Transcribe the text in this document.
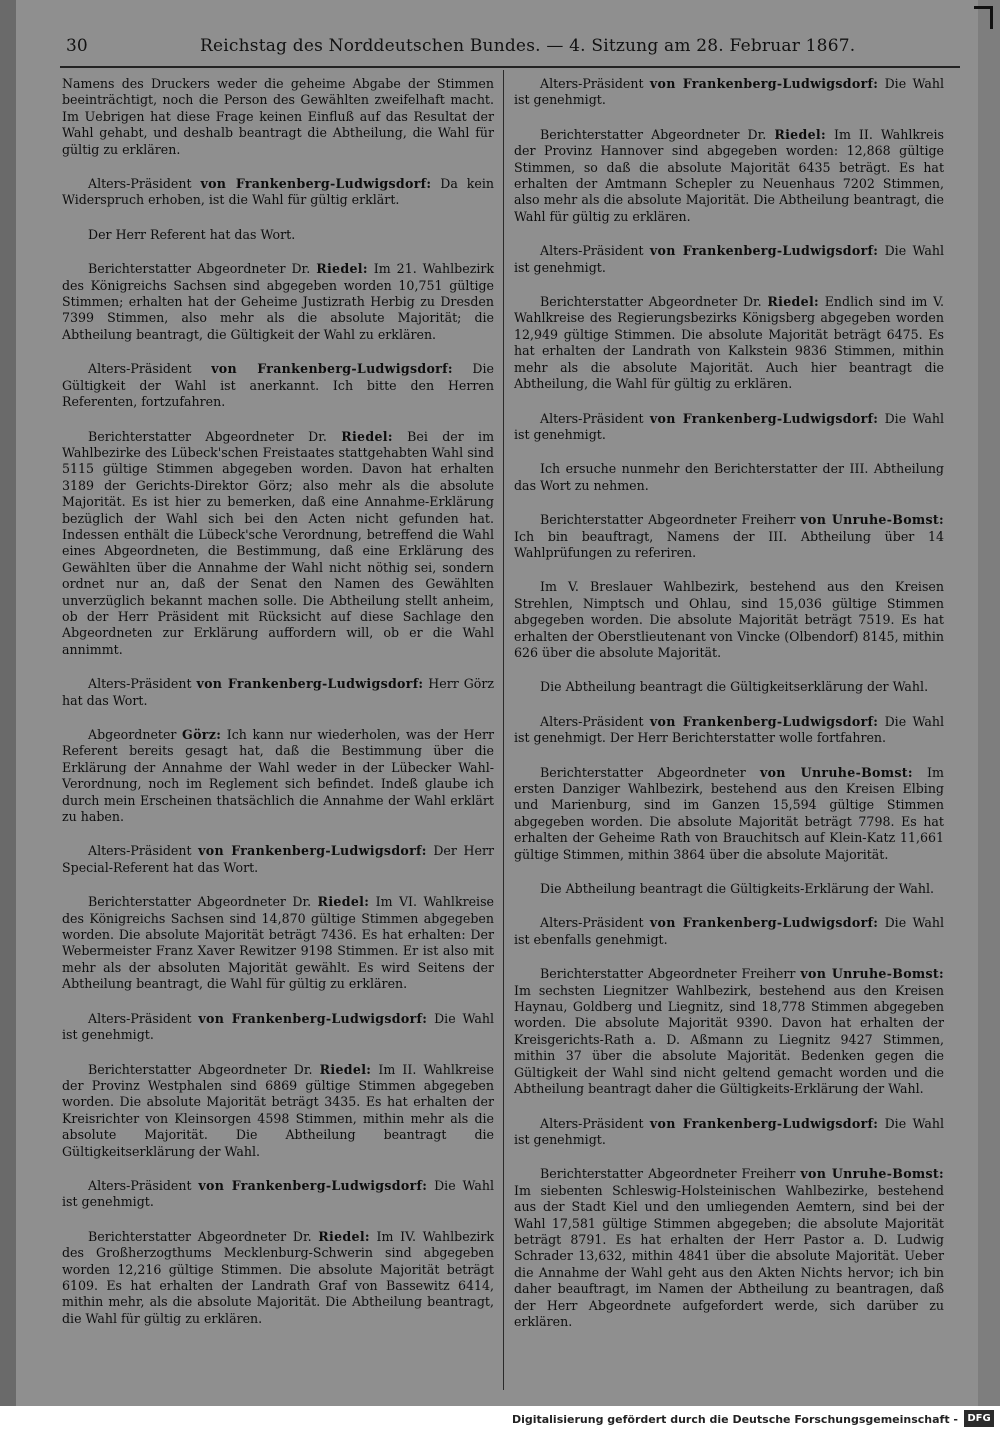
30	Reichstag des Norddeutschen Bundes. — 4. Sitzung am 28. Februar 1867.

Namens des Druckers weder die geheime Abgabe der Stimmen beeinträchtigt, noch die Person des Gewählten zweifelhaft macht. Im Uebrigen hat diese Frage keinen Einfluß auf das Resultat der Wahl gehabt, und deshalb beantragt die Abtheilung, die Wahl für gültig zu erklären.

Alters-Präsident von Frankenberg-Ludwigsdorf: Da kein Widerspruch erhoben, ist die Wahl für gültig erklärt.

Der Herr Referent hat das Wort.

Berichterstatter Abgeordneter Dr. Riedel: Im 21. Wahlbezirk des Königreichs Sachsen sind abgegeben worden 10,751 gültige Stimmen; erhalten hat der Geheime Justizrath Herbig zu Dresden 7399 Stimmen, also mehr als die absolute Majorität; die Abtheilung beantragt, die Gültigkeit der Wahl zu erklären.

Alters-Präsident von Frankenberg-Ludwigsdorf: Die Gültigkeit der Wahl ist anerkannt. Ich bitte den Herren Referenten, fortzufahren.

Berichterstatter Abgeordneter Dr. Riedel: Bei der im Wahlbezirke des Lübeck'schen Freistaates stattgehabten Wahl sind 5115 gültige Stimmen abgegeben worden. Davon hat erhalten 3189 der Gerichts-Direktor Görz; also mehr als die absolute Majorität. Es ist hier zu bemerken, daß eine Annahme-Erklärung bezüglich der Wahl sich bei den Acten nicht gefunden hat. Indessen enthält die Lübeck'sche Verordnung, betreffend die Wahl eines Abgeordneten, die Bestimmung, daß eine Erklärung des Gewählten über die Annahme der Wahl nicht nöthig sei, sondern ordnet nur an, daß der Senat den Namen des Gewählten unverzüglich bekannt machen solle. Die Abtheilung stellt anheim, ob der Herr Präsident mit Rücksicht auf diese Sachlage den Abgeordneten zur Erklärung auffordern will, ob er die Wahl annimmt.

Alters-Präsident von Frankenberg-Ludwigsdorf: Herr Görz hat das Wort.

Abgeordneter Görz: Ich kann nur wiederholen, was der Herr Referent bereits gesagt hat, daß die Bestimmung über die Erklärung der Annahme der Wahl weder in der Lübecker Wahl-Verordnung, noch im Reglement sich befindet. Indeß glaube ich durch mein Erscheinen thatsächlich die Annahme der Wahl erklärt zu haben.

Alters-Präsident von Frankenberg-Ludwigsdorf: Der Herr Special-Referent hat das Wort.

Berichterstatter Abgeordneter Dr. Riedel: Im VI. Wahlkreise des Königreichs Sachsen sind 14,870 gültige Stimmen abgegeben worden. Die absolute Majorität beträgt 7436. Es hat erhalten: Der Webermeister Franz Xaver Rewitzer 9198 Stimmen. Er ist also mit mehr als der absoluten Majorität gewählt. Es wird Seitens der Abtheilung beantragt, die Wahl für gültig zu erklären.

Alters-Präsident von Frankenberg-Ludwigsdorf: Die Wahl ist genehmigt.

Berichterstatter Abgeordneter Dr. Riedel: Im II. Wahlkreise der Provinz Westphalen sind 6869 gültige Stimmen abgegeben worden. Die absolute Majorität beträgt 3435. Es hat erhalten der Kreisrichter von Kleinsorgen 4598 Stimmen, mithin mehr als die absolute Majorität. Die Abtheilung beantragt die Gültigkeitserklärung der Wahl.

Alters-Präsident von Frankenberg-Ludwigsdorf: Die Wahl ist genehmigt.

Berichterstatter Abgeordneter Dr. Riedel: Im IV. Wahlbezirk des Großherzogthums Mecklenburg-Schwerin sind abgegeben worden 12,216 gültige Stimmen. Die absolute Majorität beträgt 6109. Es hat erhalten der Landrath Graf von Bassewitz 6414, mithin mehr, als die absolute Majorität. Die Abtheilung beantragt, die Wahl für gültig zu erklären.

Alters-Präsident von Frankenberg-Ludwigsdorf: Die Wahl ist genehmigt.

Berichterstatter Abgeordneter Dr. Riedel: Im II. Wahlkreis der Provinz Hannover sind abgegeben worden: 12,868 gültige Stimmen, so daß die absolute Majorität 6435 beträgt. Es hat erhalten der Amtmann Schepler zu Neuenhaus 7202 Stimmen, also mehr als die absolute Majorität. Die Abtheilung beantragt, die Wahl für gültig zu erklären.

Alters-Präsident von Frankenberg-Ludwigsdorf: Die Wahl ist genehmigt.

Berichterstatter Abgeordneter Dr. Riedel: Endlich sind im V. Wahlkreise des Regierungsbezirks Königsberg abgegeben worden 12,949 gültige Stimmen. Die absolute Majorität beträgt 6475. Es hat erhalten der Landrath von Kalkstein 9836 Stimmen, mithin mehr als die absolute Majorität. Auch hier beantragt die Abtheilung, die Wahl für gültig zu erklären.

Alters-Präsident von Frankenberg-Ludwigsdorf: Die Wahl ist genehmigt.

Ich ersuche nunmehr den Berichterstatter der III. Abtheilung das Wort zu nehmen.

Berichterstatter Abgeordneter Freiherr von Unruhe-Bomst: Ich bin beauftragt, Namens der III. Abtheilung über 14 Wahlprüfungen zu referiren.

Im V. Breslauer Wahlbezirk, bestehend aus den Kreisen Strehlen, Nimptsch und Ohlau, sind 15,036 gültige Stimmen abgegeben worden. Die absolute Majorität beträgt 7519. Es hat erhalten der Oberstlieutenant von Vincke (Olbendorf) 8145, mithin 626 über die absolute Majorität.

Die Abtheilung beantragt die Gültigkeitserklärung der Wahl.

Alters-Präsident von Frankenberg-Ludwigsdorf: Die Wahl ist genehmigt. Der Herr Berichterstatter wolle fortfahren.

Berichterstatter Abgeordneter von Unruhe-Bomst: Im ersten Danziger Wahlbezirk, bestehend aus den Kreisen Elbing und Marienburg, sind im Ganzen 15,594 gültige Stimmen abgegeben worden. Die absolute Majorität beträgt 7798. Es hat erhalten der Geheime Rath von Brauchitsch auf Klein-Katz 11,661 gültige Stimmen, mithin 3864 über die absolute Majorität.

Die Abtheilung beantragt die Gültigkeits-Erklärung der Wahl.

Alters-Präsident von Frankenberg-Ludwigsdorf: Die Wahl ist ebenfalls genehmigt.

Berichterstatter Abgeordneter Freiherr von Unruhe-Bomst: Im sechsten Liegnitzer Wahlbezirk, bestehend aus den Kreisen Haynau, Goldberg und Liegnitz, sind 18,778 Stimmen abgegeben worden. Die absolute Majorität 9390. Davon hat erhalten der Kreisgerichts-Rath a. D. Aßmann zu Liegnitz 9427 Stimmen, mithin 37 über die absolute Majorität. Bedenken gegen die Gültigkeit der Wahl sind nicht geltend gemacht worden und die Abtheilung beantragt daher die Gültigkeits-Erklärung der Wahl.

Alters-Präsident von Frankenberg-Ludwigsdorf: Die Wahl ist genehmigt.

Berichterstatter Abgeordneter Freiherr von Unruhe-Bomst: Im siebenten Schleswig-Holsteinischen Wahlbezirke, bestehend aus der Stadt Kiel und den umliegenden Aemtern, sind bei der Wahl 17,581 gültige Stimmen abgegeben; die absolute Majorität beträgt 8791. Es hat erhalten der Herr Pastor a. D. Ludwig Schrader 13,632, mithin 4841 über die absolute Majorität. Ueber die Annahme der Wahl geht aus den Akten Nichts hervor; ich bin daher beauftragt, im Namen der Abtheilung zu beantragen, daß der Herr Abgeordnete aufgefordert werde, sich darüber zu erklären.

Digitalisierung gefördert durch die Deutsche Forschungsgemeinschaft - DFG
